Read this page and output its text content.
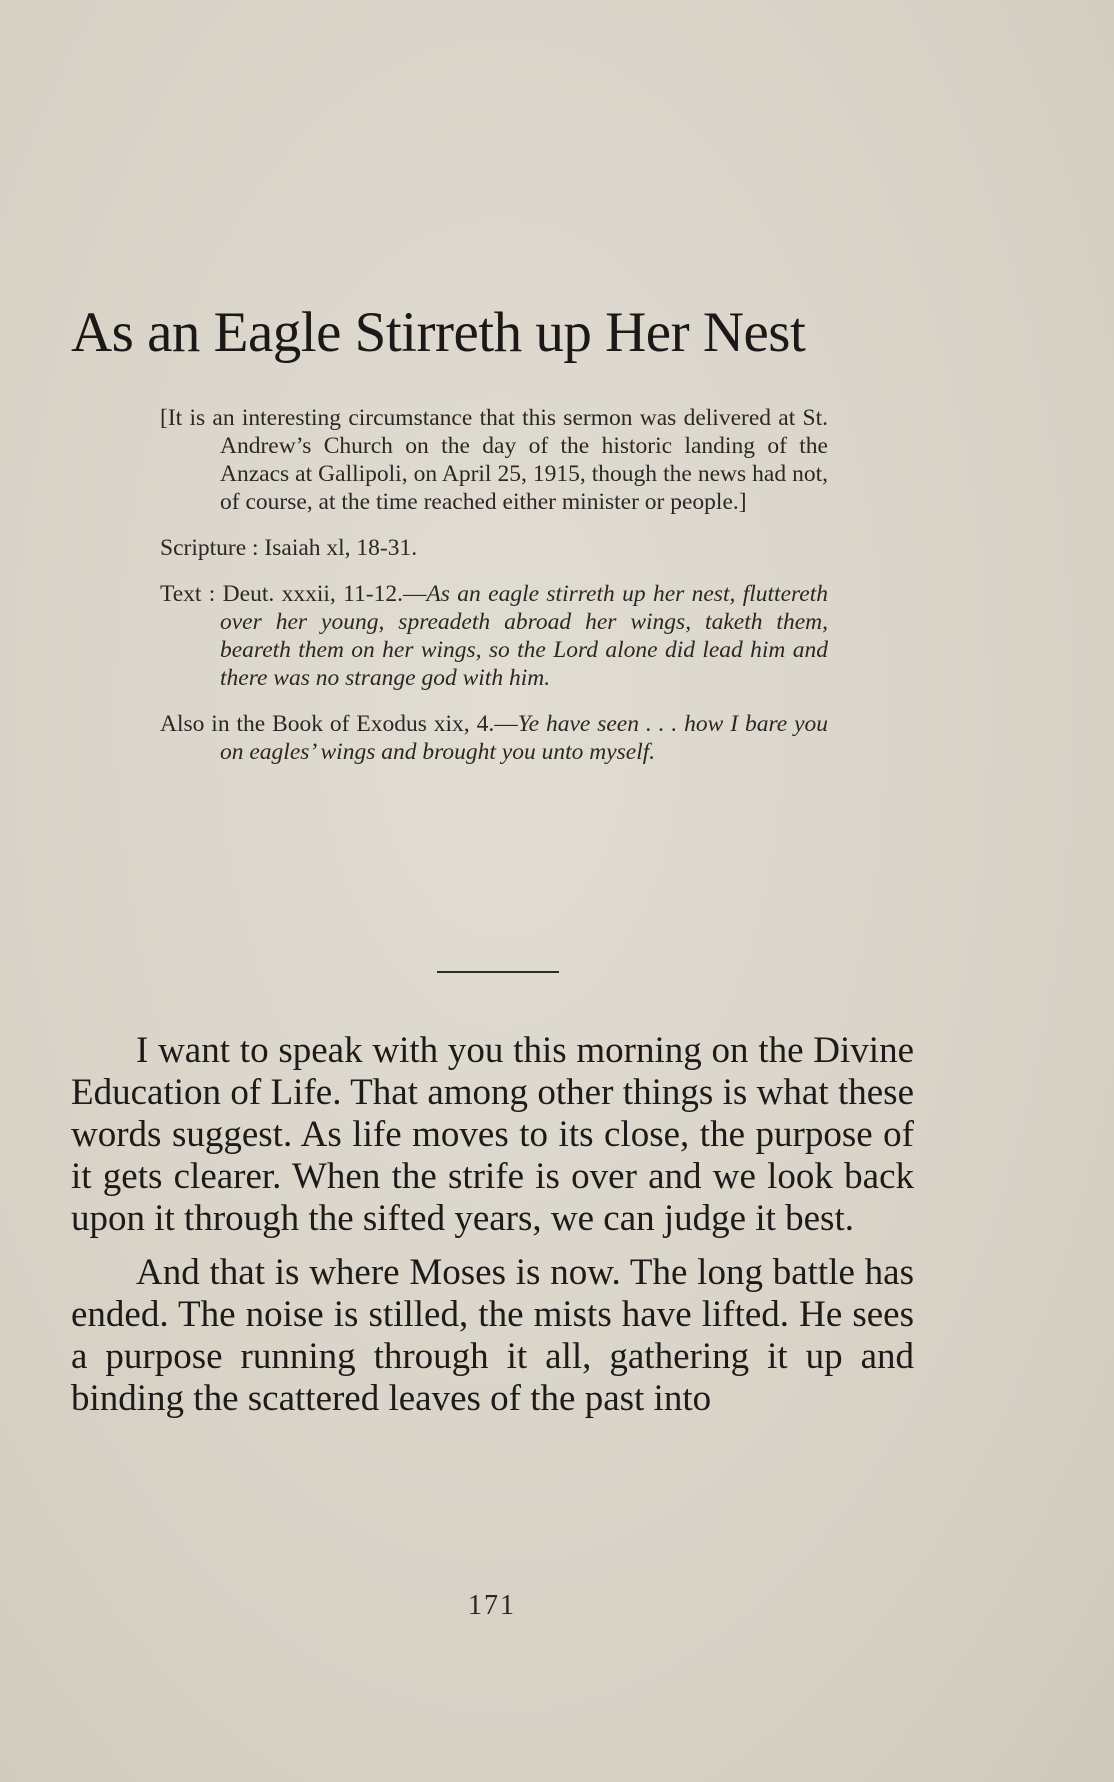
As an Eagle Stirreth up Her Nest

[It is an interesting circumstance that this sermon was delivered at St. Andrew’s Church on the day of the historic landing of the Anzacs at Gallipoli, on April 25, 1915, though the news had not, of course, at the time reached either minister or people.]

Scripture : Isaiah xl, 18-31.

Text : Deut. xxxii, 11-12.—As an eagle stirreth up her nest, fluttereth over her young, spreadeth abroad her wings, taketh them, beareth them on her wings, so the Lord alone did lead him and there was no strange god with him.

Also in the Book of Exodus xix, 4.—Ye have seen . . . how I bare you on eagles’ wings and brought you unto myself.

I want to speak with you this morning on the Divine Education of Life. That among other things is what these words suggest. As life moves to its close, the purpose of it gets clearer. When the strife is over and we look back upon it through the sifted years, we can judge it best.

And that is where Moses is now. The long battle has ended. The noise is stilled, the mists have lifted. He sees a purpose running through it all, gathering it up and binding the scattered leaves of the past into

171
